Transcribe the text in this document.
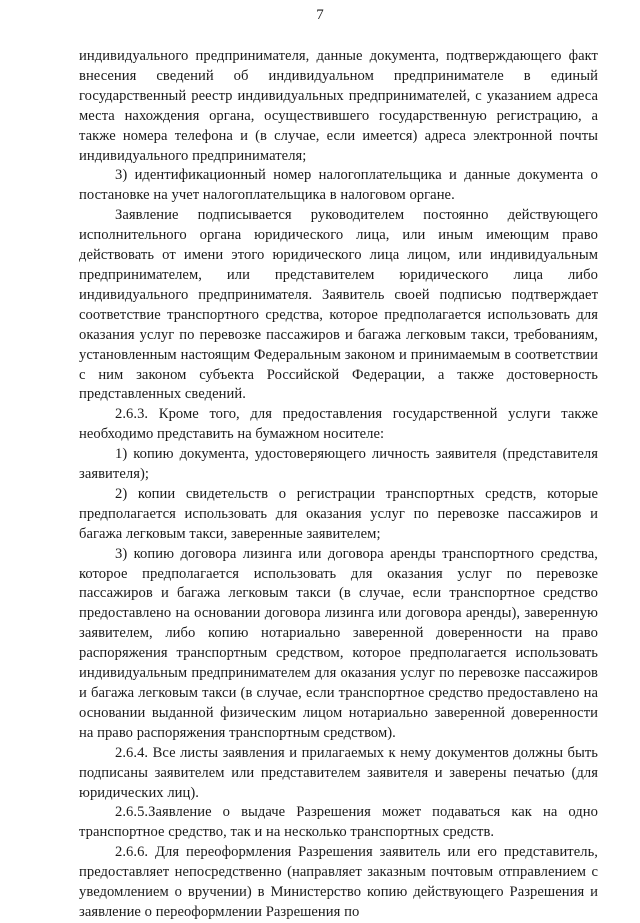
7

индивидуального предпринимателя, данные документа, подтверждающего факт внесения сведений об индивидуальном предпринимателе в единый государственный реестр индивидуальных предпринимателей, с указанием адреса места нахождения органа, осуществившего государственную регистрацию, а также номера телефона и (в случае, если имеется) адреса электронной почты индивидуального предпринимателя;

3) идентификационный номер налогоплательщика и данные документа о постановке на учет налогоплательщика в налоговом органе.

Заявление подписывается руководителем постоянно действующего исполнительного органа юридического лица, или иным имеющим право действовать от имени этого юридического лица лицом, или индивидуальным предпринимателем, или представителем юридического лица либо индивидуального предпринимателя. Заявитель своей подписью подтверждает соответствие транспортного средства, которое предполагается использовать для оказания услуг по перевозке пассажиров и багажа легковым такси, требованиям, установленным настоящим Федеральным законом и принимаемым в соответствии с ним законом субъекта Российской Федерации, а также достоверность представленных сведений.

2.6.3. Кроме того, для предоставления государственной услуги также необходимо представить на бумажном носителе:

1) копию документа, удостоверяющего личность заявителя (представителя заявителя);

2) копии свидетельств о регистрации транспортных средств, которые предполагается использовать для оказания услуг по перевозке пассажиров и багажа легковым такси, заверенные заявителем;

3) копию договора лизинга или договора аренды транспортного средства, которое предполагается использовать для оказания услуг по перевозке пассажиров и багажа легковым такси (в случае, если транспортное средство предоставлено на основании договора лизинга или договора аренды), заверенную заявителем, либо копию нотариально заверенной доверенности на право распоряжения транспортным средством, которое предполагается использовать индивидуальным предпринимателем для оказания услуг по перевозке пассажиров и багажа легковым такси (в случае, если транспортное средство предоставлено на основании выданной физическим лицом нотариально заверенной доверенности на право распоряжения транспортным средством).

2.6.4. Все листы заявления и прилагаемых к нему документов должны быть подписаны заявителем или представителем заявителя и заверены печатью (для юридических лиц).

2.6.5.Заявление о выдаче Разрешения может подаваться как на одно транспортное средство, так и на несколько транспортных средств.

2.6.6. Для переоформления Разрешения заявитель или его представитель, предоставляет непосредственно (направляет заказным почтовым отправлением с уведомлением о вручении) в Министерство копию действующего Разрешения и заявление о переоформлении Разрешения по
